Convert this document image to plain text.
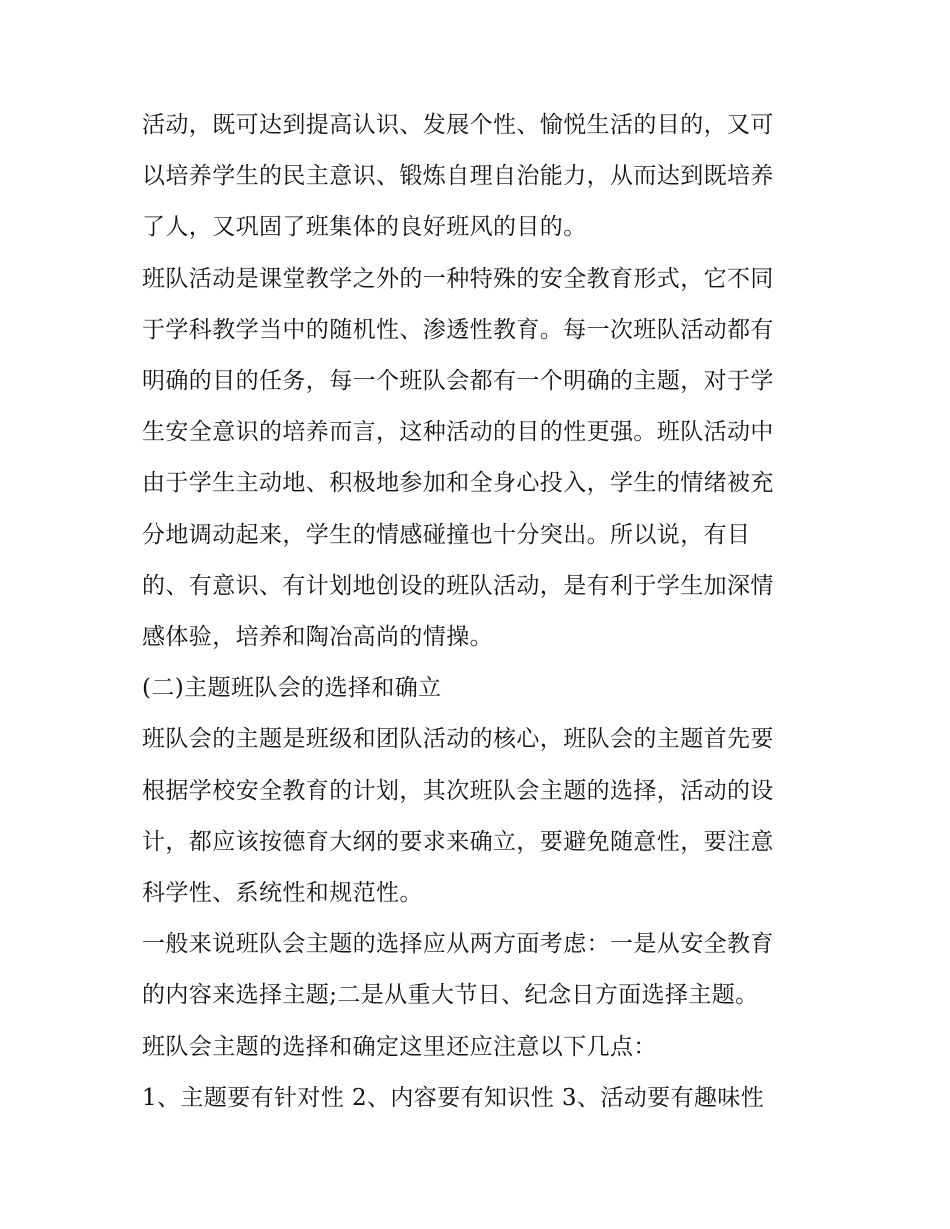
活动，既可达到提高认识、发展个性、愉悦生活的目的，又可
以培养学生的民主意识、锻炼自理自治能力，从而达到既培养
了人，又巩固了班集体的良好班风的目的。

班队活动是课堂教学之外的一种特殊的安全教育形式，它不同
于学科教学当中的随机性、渗透性教育。每一次班队活动都有
明确的目的任务，每一个班队会都有一个明确的主题，对于学
生安全意识的培养而言，这种活动的目的性更强。班队活动中
由于学生主动地、积极地参加和全身心投入，学生的情绪被充
分地调动起来，学生的情感碰撞也十分突出。所以说，有目
的、有意识、有计划地创设的班队活动，是有利于学生加深情
感体验，培养和陶冶高尚的情操。

(二)主题班队会的选择和确立

班队会的主题是班级和团队活动的核心，班队会的主题首先要
根据学校安全教育的计划，其次班队会主题的选择，活动的设
计，都应该按德育大纲的要求来确立，要避免随意性，要注意
科学性、系统性和规范性。

一般来说班队会主题的选择应从两方面考虑：一是从安全教育
的内容来选择主题;二是从重大节日、纪念日方面选择主题。

班队会主题的选择和确定这里还应注意以下几点：

1、主题要有针对性 2、内容要有知识性 3、活动要有趣味性
